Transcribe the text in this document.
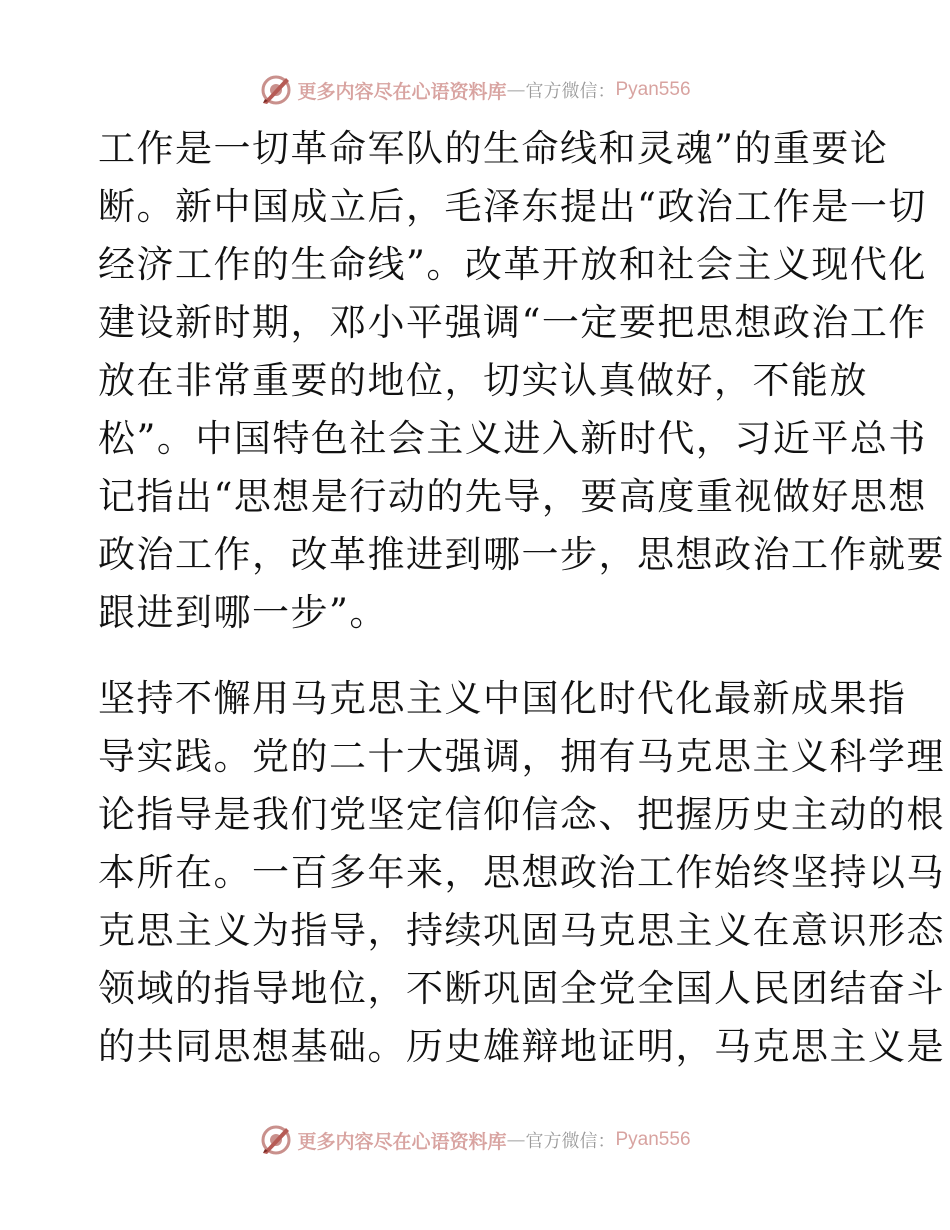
更多内容尽在心语资料库 — 官方微信： Pyan556
工作是一切革命军队的生命线和灵魂”的重要论
断。新中国成立后，毛泽东提出“政治工作是一切
经济工作的生命线”。改革开放和社会主义现代化
建设新时期，邓小平强调“一定要把思想政治工作
放在非常重要的地位，切实认真做好，不能放
松”。中国特色社会主义进入新时代，习近平总书
记指出“思想是行动的先导，要高度重视做好思想
政治工作，改革推进到哪一步，思想政治工作就要
跟进到哪一步”。
坚持不懈用马克思主义中国化时代化最新成果指
导实践。党的二十大强调，拥有马克思主义科学理
论指导是我们党坚定信仰信念、把握历史主动的根
本所在。一百多年来，思想政治工作始终坚持以马
克思主义为指导，持续巩固马克思主义在意识形态
领域的指导地位，不断巩固全党全国人民团结奋斗
的共同思想基础。历史雄辩地证明，马克思主义是
更多内容尽在心语资料库 — 官方微信： Pyan556
